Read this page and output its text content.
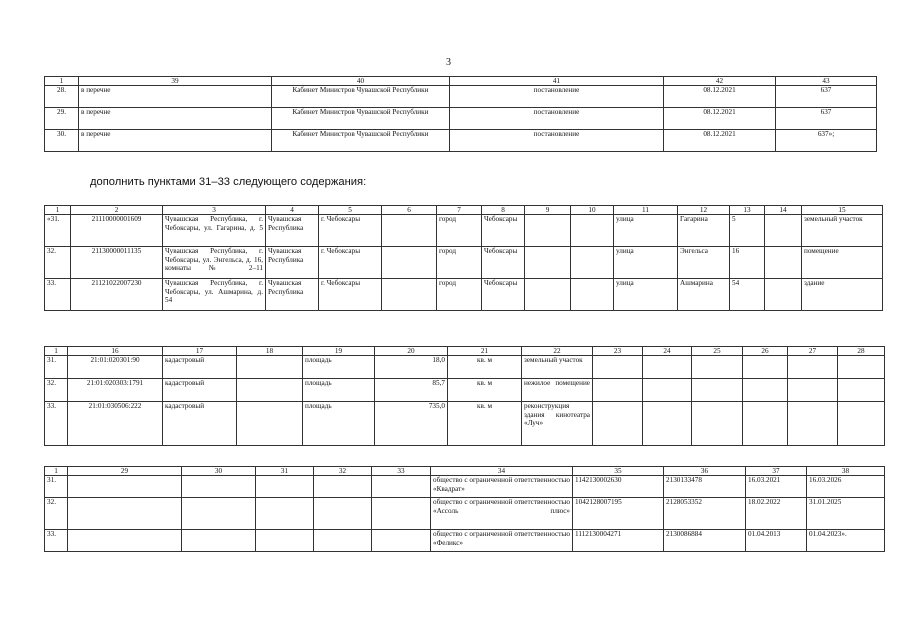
3
1	39	40	41	42	43
28.	в перечне	Кабинет Министров Чувашской Республики	постановление	08.12.2021	637
29.	в перечне	Кабинет Министров Чувашской Республики	постановление	08.12.2021	637
30.	в перечне	Кабинет Министров Чувашской Республики	постановление	08.12.2021	637»;
дополнить пунктами 31–33 следующего содержания:
1	2	3	4	5	6	7	8	9	10	11	12	13	14	15
«31.	21110000001609	Чувашская Республика, г. Чебоксары, ул. Гагарина, д. 5	Чувашская Республика	г. Чебоксары		город	Чебоксары			улица	Гагарина	5		земельный участок
32.	21130000011135	Чувашская Республика, г. Чебоксары, ул. Энгельса, д. 16, комнаты № 2–11	Чувашская Республика	г. Чебоксары		город	Чебоксары			улица	Энгельса	16		помещение
33.	21121022007230	Чувашская Республика, г. Чебоксары, ул. Ашмарина, д. 54	Чувашская Республика	г. Чебоксары		город	Чебоксары			улица	Ашмарина	54		здание
1	16	17	18	19	20	21	22	23	24	25	26	27	28
31.	21:01:020301:90	кадастровый		площадь	18,0	кв. м	земельный участок						
32.	21:01:020303:1791	кадастровый		площадь	85,7	кв. м	нежилое помещение						
33.	21:01:030506:222	кадастровый		площадь	735,0	кв. м	реконструкция здания кинотеатра «Луч»						
1	29	30	31	32	33	34	35	36	37	38
31.						общество с ограниченной ответственностью «Квадрат»	1142130002630	2130133478	16.03.2021	16.03.2026
32.						общество с ограниченной ответственностью «Ассоль плюс»	1042128007195	2128053352	18.02.2022	31.01.2025
33.						общество с ограниченной ответственностью «Феликс»	1112130004271	2130086884	01.04.2013	01.04.2023».
